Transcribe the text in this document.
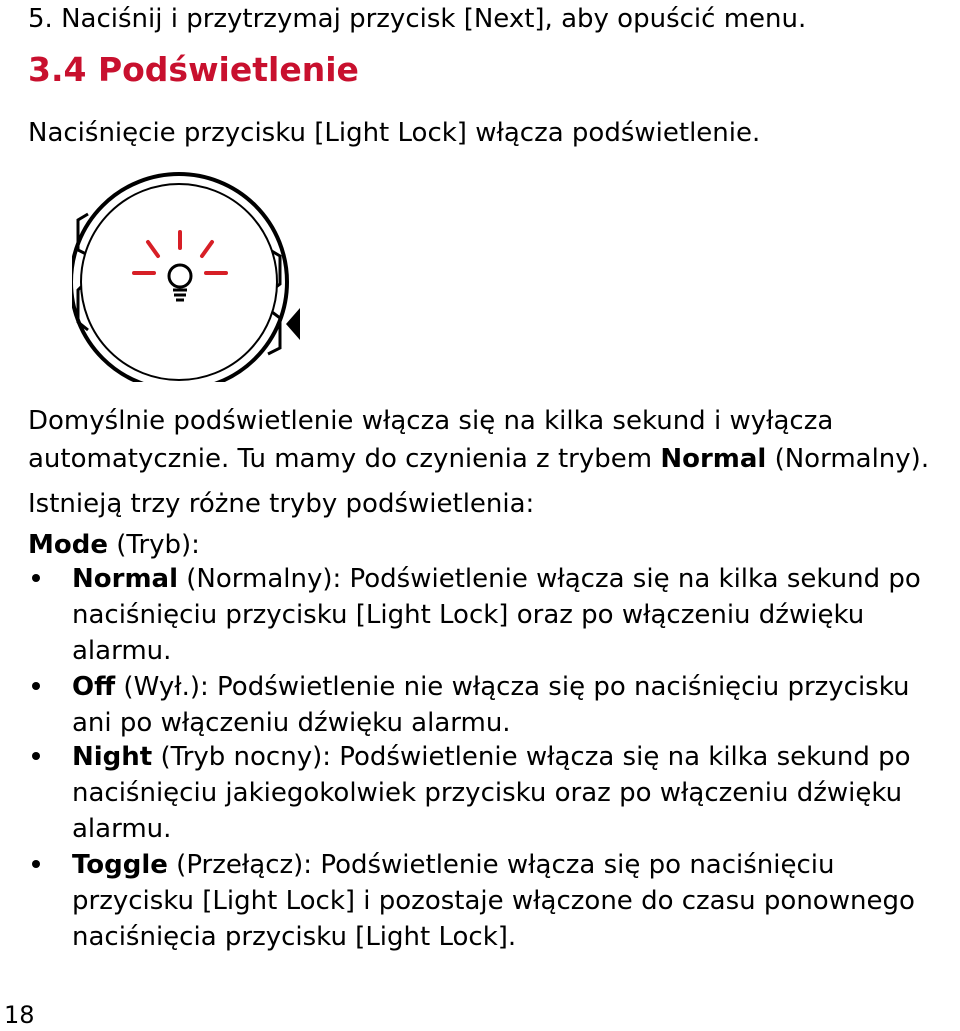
5. Naciśnij i przytrzymaj przycisk [Next], aby opuścić menu.
3.4 Podświetlenie
Naciśnięcie przycisku [Light Lock] włącza podświetlenie.
Domyślnie podświetlenie włącza się na kilka sekund i wyłącza
automatycznie. Tu mamy do czynienia z trybem Normal (Normalny).
Istnieją trzy różne tryby podświetlenia:
Mode (Tryb):
Normal (Normalny): Podświetlenie włącza się na kilka sekund po
naciśnięciu przycisku [Light Lock] oraz po włączeniu dźwięku
alarmu.
Off (Wył.): Podświetlenie nie włącza się po naciśnięciu przycisku
ani po włączeniu dźwięku alarmu.
Night (Tryb nocny): Podświetlenie włącza się na kilka sekund po
naciśnięciu jakiegokolwiek przycisku oraz po włączeniu dźwięku
alarmu.
Toggle (Przełącz): Podświetlenie włącza się po naciśnięciu
przycisku [Light Lock] i pozostaje włączone do czasu ponownego
naciśnięcia przycisku [Light Lock].
18
